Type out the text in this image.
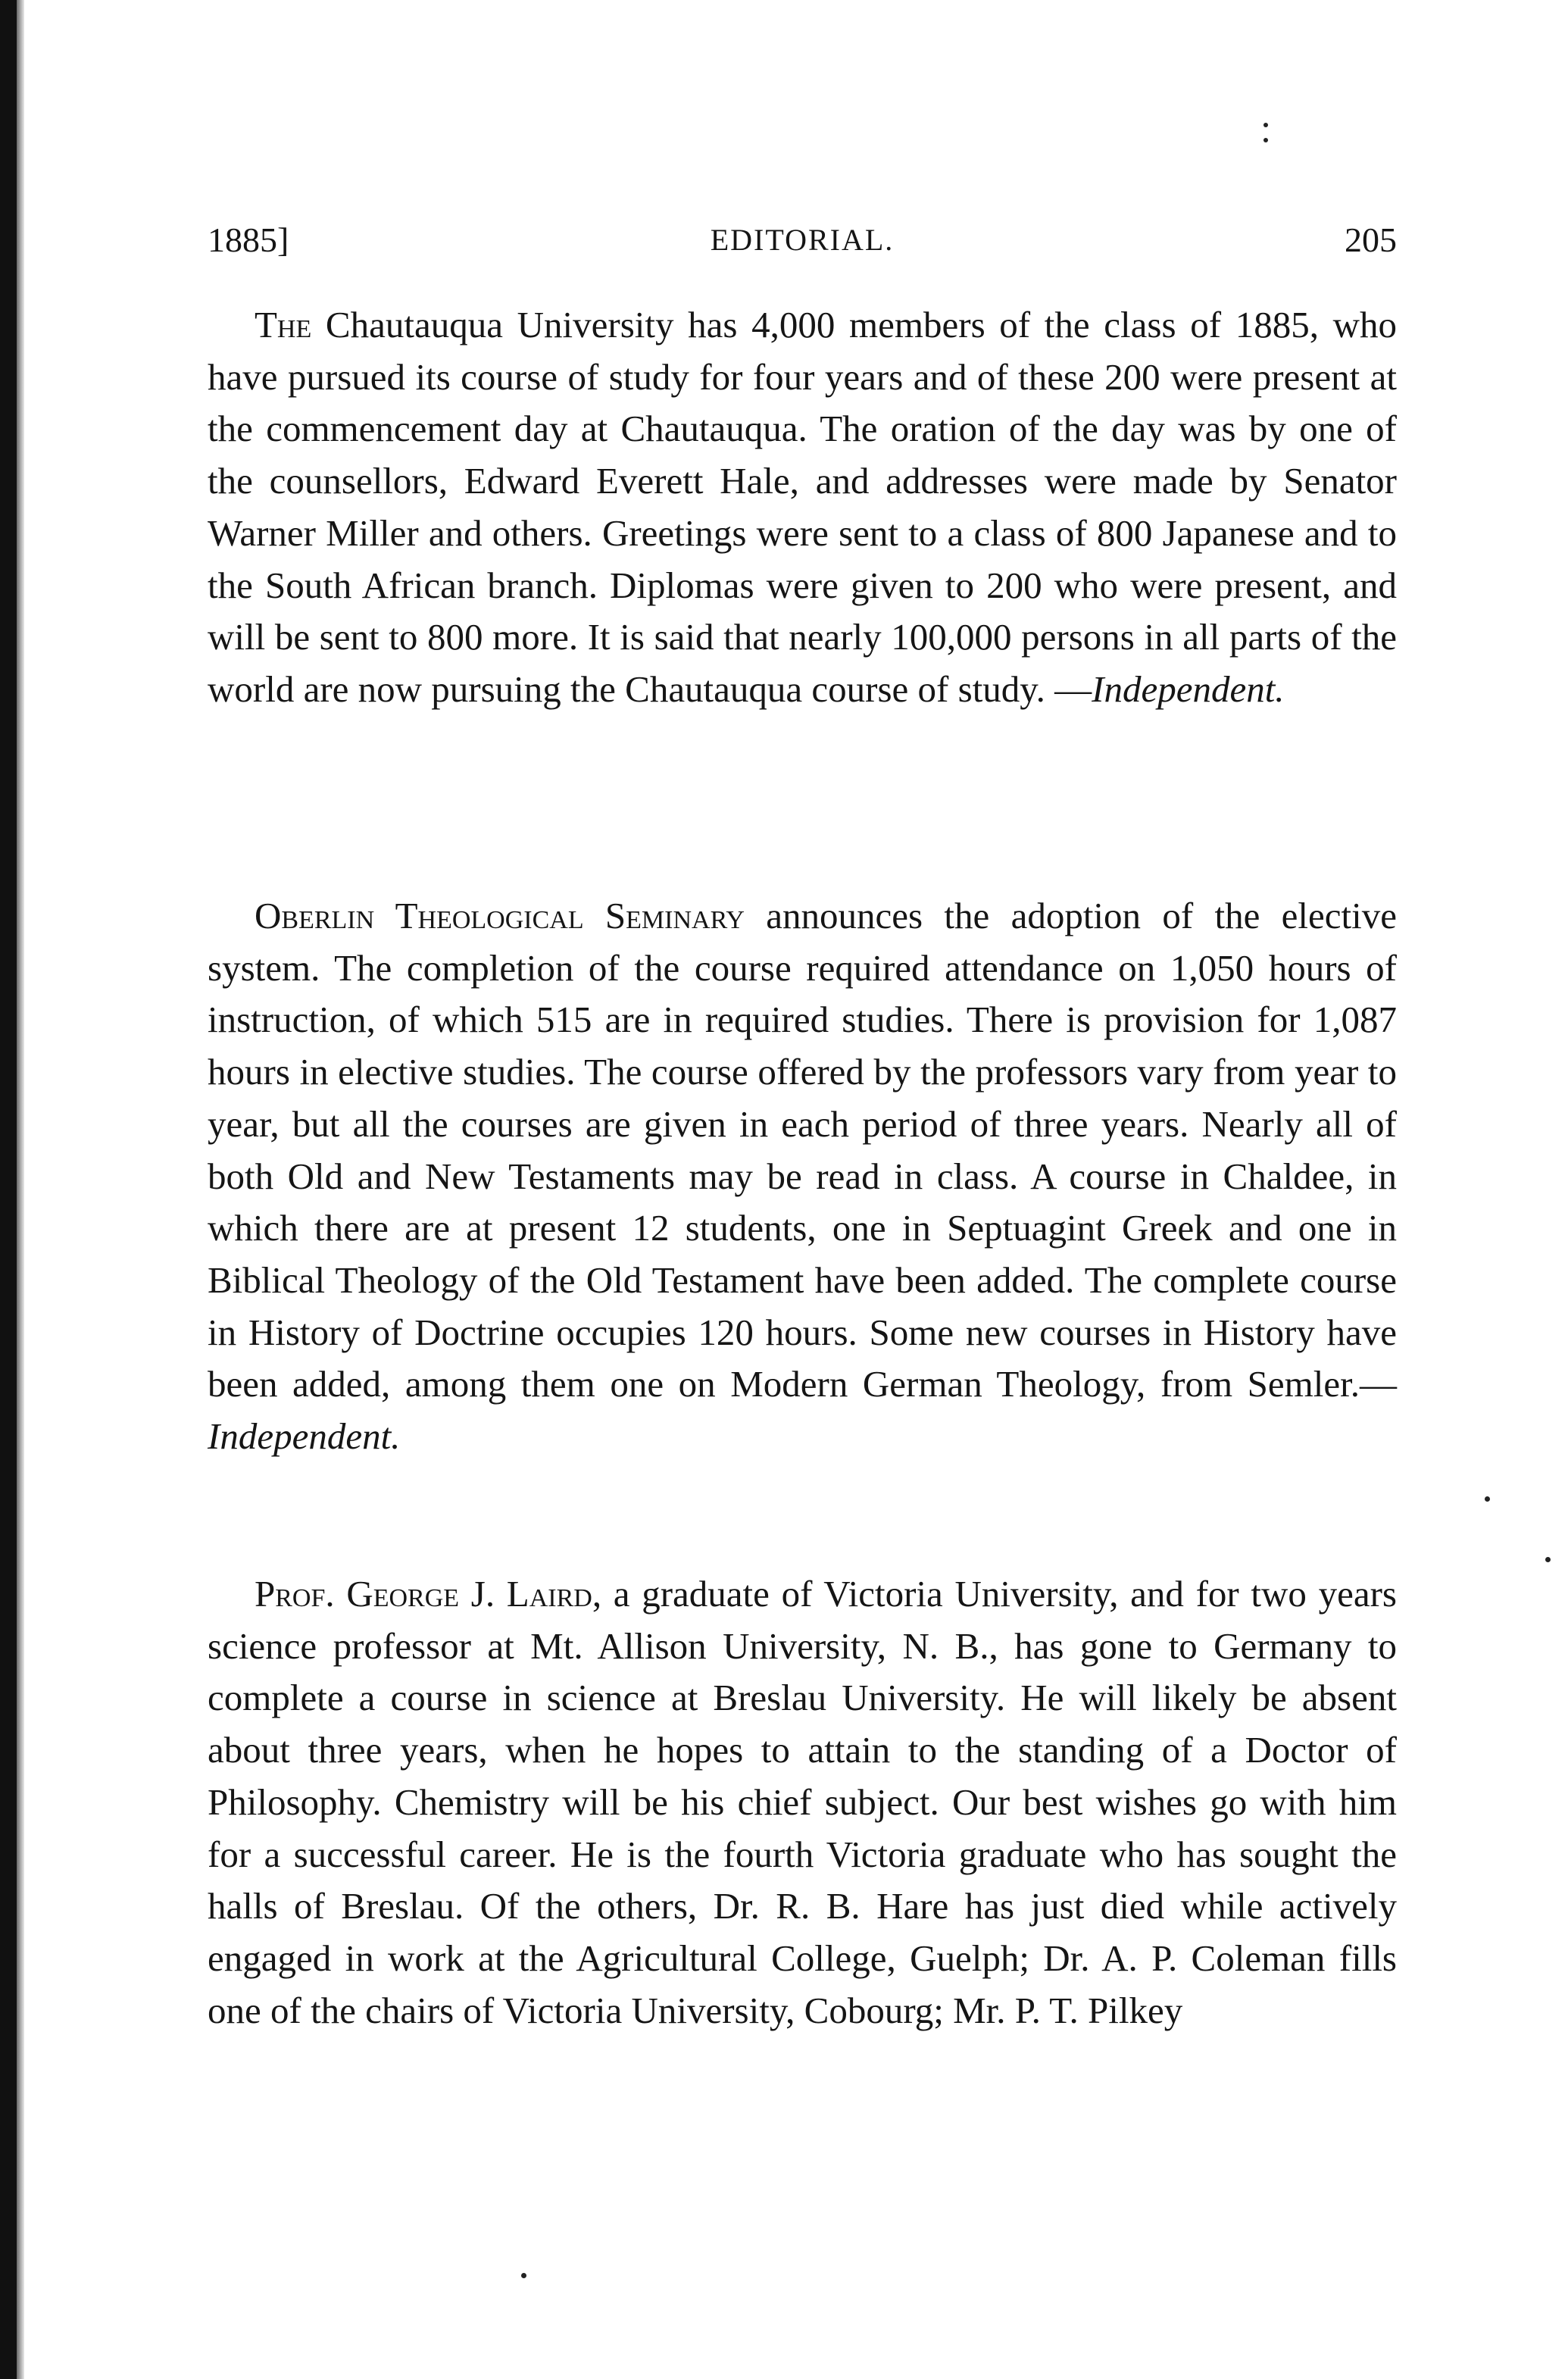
1885]	EDITORIAL.	205

The Chautauqua University has 4,000 members of the class of 1885, who have pursued its course of study for four years and of these 200 were present at the commencement day at Chautauqua. The oration of the day was by one of the counsellors, Edward Everett Hale, and addresses were made by Senator Warner Miller and others. Greetings were sent to a class of 800 Japanese and to the South African branch. Diplomas were given to 200 who were present, and will be sent to 800 more. It is said that nearly 100,000 persons in all parts of the world are now pursuing the Chautauqua course of study. —Independent.

Oberlin Theological Seminary announces the adoption of the elective system. The completion of the course required attendance on 1,050 hours of instruction, of which 515 are in required studies. There is provision for 1,087 hours in elective studies. The course offered by the professors vary from year to year, but all the courses are given in each period of three years. Nearly all of both Old and New Testaments may be read in class. A course in Chaldee, in which there are at present 12 students, one in Septuagint Greek and one in Biblical Theology of the Old Testament have been added. The complete course in History of Doctrine occupies 120 hours. Some new courses in History have been added, among them one on Modern German Theology, from Semler.—Independent.

Prof. George J. Laird, a graduate of Victoria University, and for two years science professor at Mt. Allison University, N. B., has gone to Germany to complete a course in science at Breslau University. He will likely be absent about three years, when he hopes to attain to the standing of a Doctor of Philosophy. Chemistry will be his chief subject. Our best wishes go with him for a successful career. He is the fourth Victoria graduate who has sought the halls of Breslau. Of the others, Dr. R. B. Hare has just died while actively engaged in work at the Agricultural College, Guelph; Dr. A. P. Coleman fills one of the chairs of Victoria University, Cobourg; Mr. P. T. Pilkey
